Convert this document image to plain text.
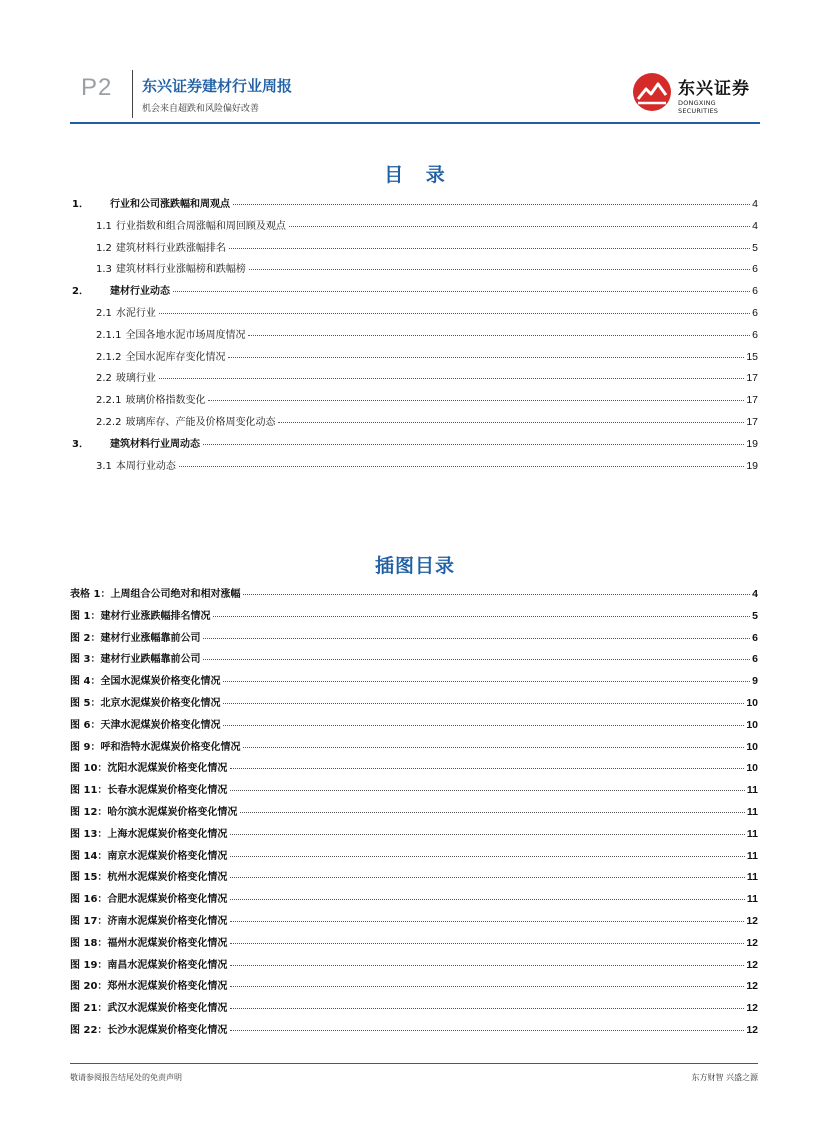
P2 东兴证券建材行业周报
机会来自超跌和风险偏好改善
东兴证券
DONGXING SECURITIES
目 录
1．	行业和公司涨跌幅和周观点	4
1.1 行业指数和组合周涨幅和周回顾及观点	4
1.2 建筑材料行业跌涨幅排名	5
1.3 建筑材料行业涨幅榜和跌幅榜	6
2．	建材行业动态	6
2.1 水泥行业	6
2.1.1 全国各地水泥市场周度情况	6
2.1.2 全国水泥库存变化情况	15
2.2 玻璃行业	17
2.2.1 玻璃价格指数变化	17
2.2.2 玻璃库存、产能及价格周变化动态	17
3．	建筑材料行业周动态	19
3.1 本周行业动态	19
插图目录
表格 1： 上周组合公司绝对和相对涨幅	4
图 1： 建材行业涨跌幅排名情况	5
图 2： 建材行业涨幅靠前公司	6
图 3： 建材行业跌幅靠前公司	6
图 4： 全国水泥煤炭价格变化情况	9
图 5： 北京水泥煤炭价格变化情况	10
图 6： 天津水泥煤炭价格变化情况	10
图 9： 呼和浩特水泥煤炭价格变化情况	10
图 10： 沈阳水泥煤炭价格变化情况	10
图 11： 长春水泥煤炭价格变化情况	11
图 12： 哈尔滨水泥煤炭价格变化情况	11
图 13： 上海水泥煤炭价格变化情况	11
图 14： 南京水泥煤炭价格变化情况	11
图 15： 杭州水泥煤炭价格变化情况	11
图 16： 合肥水泥煤炭价格变化情况	11
图 17： 济南水泥煤炭价格变化情况	12
图 18： 福州水泥煤炭价格变化情况	12
图 19： 南昌水泥煤炭价格变化情况	12
图 20： 郑州水泥煤炭价格变化情况	12
图 21： 武汉水泥煤炭价格变化情况	12
图 22： 长沙水泥煤炭价格变化情况	12
敬请参阅报告结尾处的免责声明	东方财智 兴盛之源
